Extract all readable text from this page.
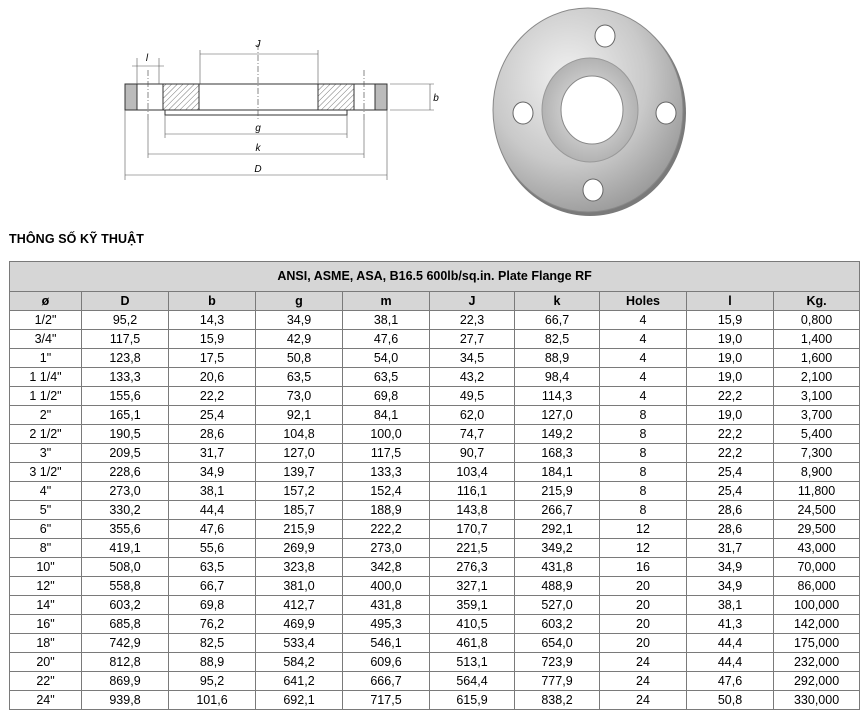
l
J
b
g
k
D
THÔNG SỐ KỸ THUẬT
ANSI, ASME, ASA, B16.5 600lb/sq.in. Plate Flange RF									
ø	D	b	g	m	J	k	Holes	l	Kg.
1/2"	95,2	14,3	34,9	38,1	22,3	66,7	4	15,9	0,800
3/4"	117,5	15,9	42,9	47,6	27,7	82,5	4	19,0	1,400
1"	123,8	17,5	50,8	54,0	34,5	88,9	4	19,0	1,600
1 1/4"	133,3	20,6	63,5	63,5	43,2	98,4	4	19,0	2,100
1 1/2"	155,6	22,2	73,0	69,8	49,5	114,3	4	22,2	3,100
2"	165,1	25,4	92,1	84,1	62,0	127,0	8	19,0	3,700
2 1/2"	190,5	28,6	104,8	100,0	74,7	149,2	8	22,2	5,400
3"	209,5	31,7	127,0	117,5	90,7	168,3	8	22,2	7,300
3 1/2"	228,6	34,9	139,7	133,3	103,4	184,1	8	25,4	8,900
4"	273,0	38,1	157,2	152,4	116,1	215,9	8	25,4	11,800
5"	330,2	44,4	185,7	188,9	143,8	266,7	8	28,6	24,500
6"	355,6	47,6	215,9	222,2	170,7	292,1	12	28,6	29,500
8"	419,1	55,6	269,9	273,0	221,5	349,2	12	31,7	43,000
10"	508,0	63,5	323,8	342,8	276,3	431,8	16	34,9	70,000
12"	558,8	66,7	381,0	400,0	327,1	488,9	20	34,9	86,000
14"	603,2	69,8	412,7	431,8	359,1	527,0	20	38,1	100,000
16"	685,8	76,2	469,9	495,3	410,5	603,2	20	41,3	142,000
18"	742,9	82,5	533,4	546,1	461,8	654,0	20	44,4	175,000
20"	812,8	88,9	584,2	609,6	513,1	723,9	24	44,4	232,000
22"	869,9	95,2	641,2	666,7	564,4	777,9	24	47,6	292,000
24"	939,8	101,6	692,1	717,5	615,9	838,2	24	50,8	330,000
